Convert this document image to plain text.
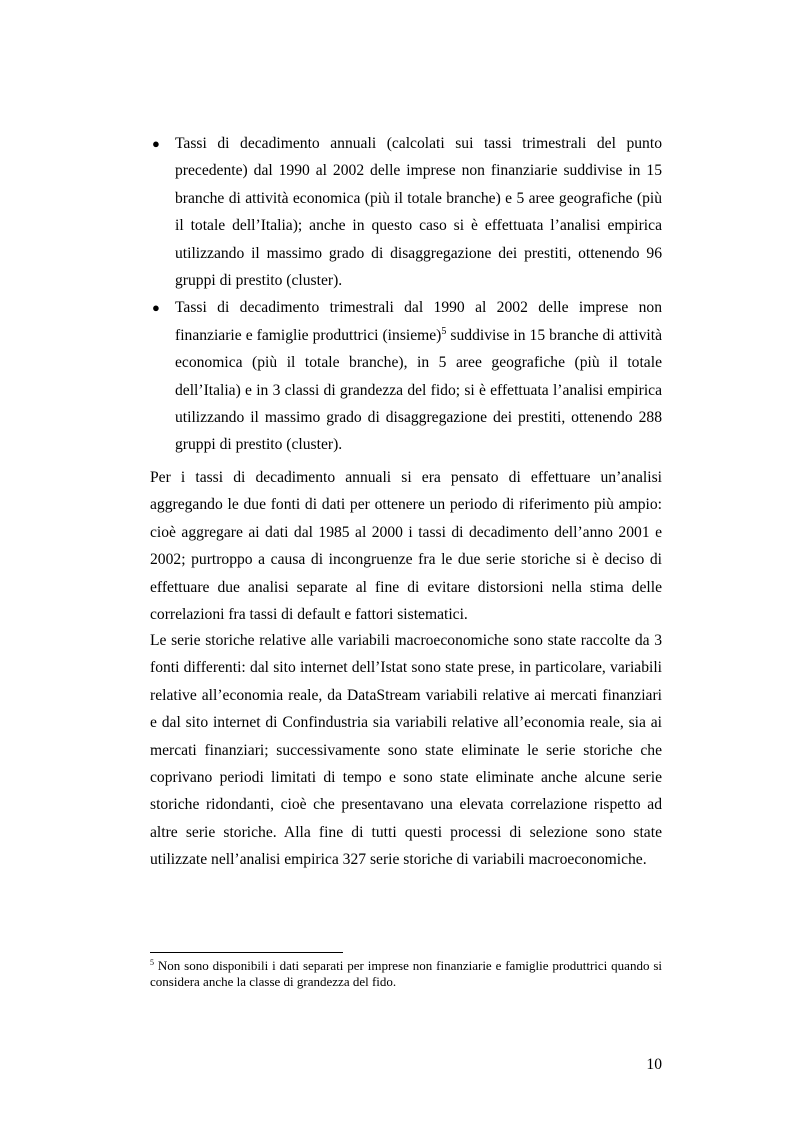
● Tassi di decadimento annuali (calcolati sui tassi trimestrali del punto precedente) dal 1990 al 2002 delle imprese non finanziarie suddivise in 15 branche di attività economica (più il totale branche) e 5 aree geografiche (più il totale dell’Italia); anche in questo caso si è effettuata l’analisi empirica utilizzando il massimo grado di disaggregazione dei prestiti, ottenendo 96 gruppi di prestito (cluster).
● Tassi di decadimento trimestrali dal 1990 al 2002 delle imprese non finanziarie e famiglie produttrici (insieme)$^5$ suddivise in 15 branche di attività economica (più il totale branche), in 5 aree geografiche (più il totale dell’Italia) e in 3 classi di grandezza del fido; si è effettuata l’analisi empirica utilizzando il massimo grado di disaggregazione dei prestiti, ottenendo 288 gruppi di prestito (cluster).

Per i tassi di decadimento annuali si era pensato di effettuare un’analisi aggregando le due fonti di dati per ottenere un periodo di riferimento più ampio: cioè aggregare ai dati dal 1985 al 2000 i tassi di decadimento dell’anno 2001 e 2002; purtroppo a causa di incongruenze fra le due serie storiche si è deciso di effettuare due analisi separate al fine di evitare distorsioni nella stima delle correlazioni fra tassi di default e fattori sistematici.

Le serie storiche relative alle variabili macroeconomiche sono state raccolte da 3 fonti differenti: dal sito internet dell’Istat sono state prese, in particolare, variabili relative all’economia reale, da DataStream variabili relative ai mercati finanziari e dal sito internet di Confindustria sia variabili relative all’economia reale, sia ai mercati finanziari; successivamente sono state eliminate le serie storiche che coprivano periodi limitati di tempo e sono state eliminate anche alcune serie storiche ridondanti, cioè che presentavano una elevata correlazione rispetto ad altre serie storiche. Alla fine di tutti questi processi di selezione sono state utilizzate nell’analisi empirica 327 serie storiche di variabili macroeconomiche.

$^5$ Non sono disponibili i dati separati per imprese non finanziarie e famiglie produttrici quando si considera anche la classe di grandezza del fido.

10
